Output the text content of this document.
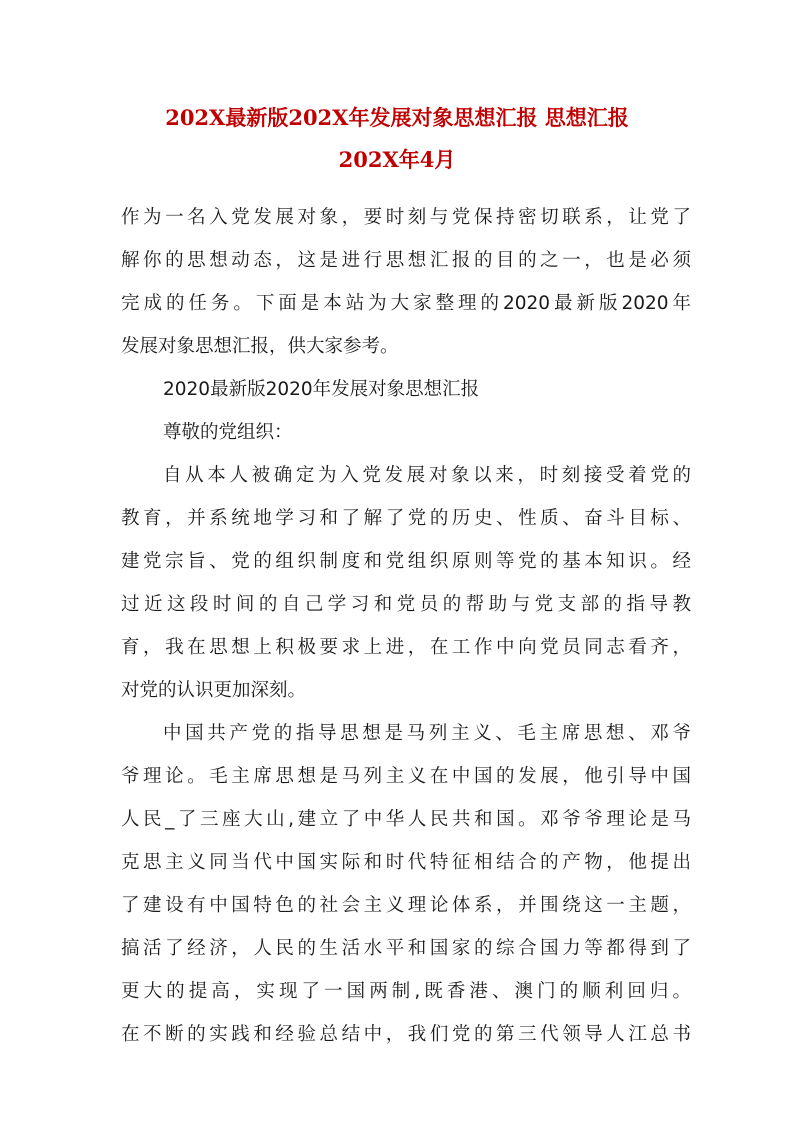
202X最新版202X年发展对象思想汇报 思想汇报
202X年4月
作为一名入党发展对象，要时刻与党保持密切联系，让党了
解你的思想动态，这是进行思想汇报的目的之一，也是必须
完成的任务。下面是本站为大家整理的2020最新版2020年
发展对象思想汇报，供大家参考。
2020最新版2020年发展对象思想汇报
尊敬的党组织：
自从本人被确定为入党发展对象以来，时刻接受着党的
教育，并系统地学习和了解了党的历史、性质、奋斗目标、
建党宗旨、党的组织制度和党组织原则等党的基本知识。经
过近这段时间的自己学习和党员的帮助与党支部的指导教
育，我在思想上积极要求上进，在工作中向党员同志看齐，
对党的认识更加深刻。
中国共产党的指导思想是马列主义、毛主席思想、邓爷
爷理论。毛主席思想是马列主义在中国的发展，他引导中国
人民_了三座大山,建立了中华人民共和国。邓爷爷理论是马
克思主义同当代中国实际和时代特征相结合的产物，他提出
了建设有中国特色的社会主义理论体系，并围绕这一主题，
搞活了经济，人民的生活水平和国家的综合国力等都得到了
更大的提高，实现了一国两制,既香港、澳门的顺利回归。
在不断的实践和经验总结中，我们党的第三代领导人江总书
